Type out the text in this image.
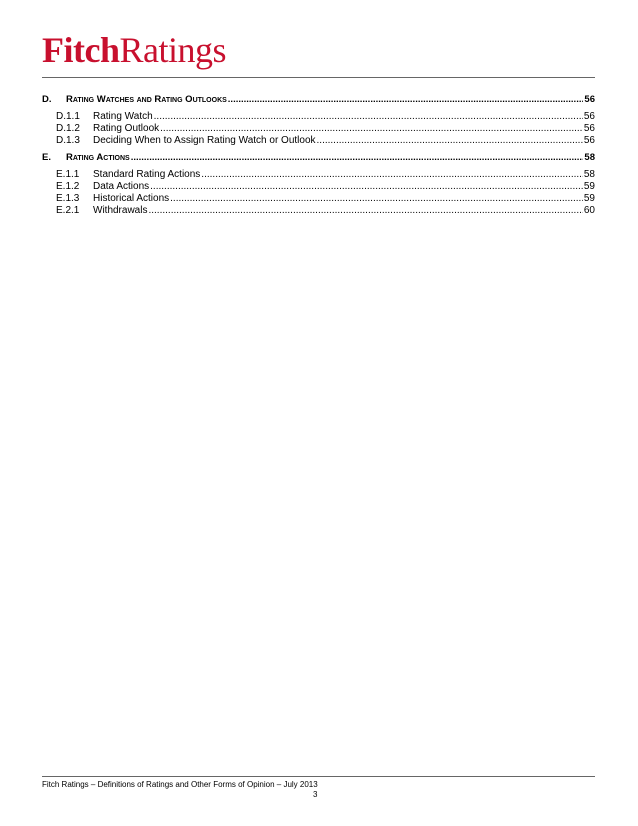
FitchRatings
D.	Rating Watches and Rating Outlooks .....	56
D.1.1	Rating Watch .....	56
D.1.2	Rating Outlook .....	56
D.1.3	Deciding When to Assign Rating Watch or Outlook .....	56
E.	Rating Actions .....	58
E.1.1	Standard Rating Actions .....	58
E.1.2	Data Actions .....	59
E.1.3	Historical Actions .....	59
E.2.1	Withdrawals .....	60
Fitch Ratings – Definitions of Ratings and Other Forms of Opinion – July 2013
3
